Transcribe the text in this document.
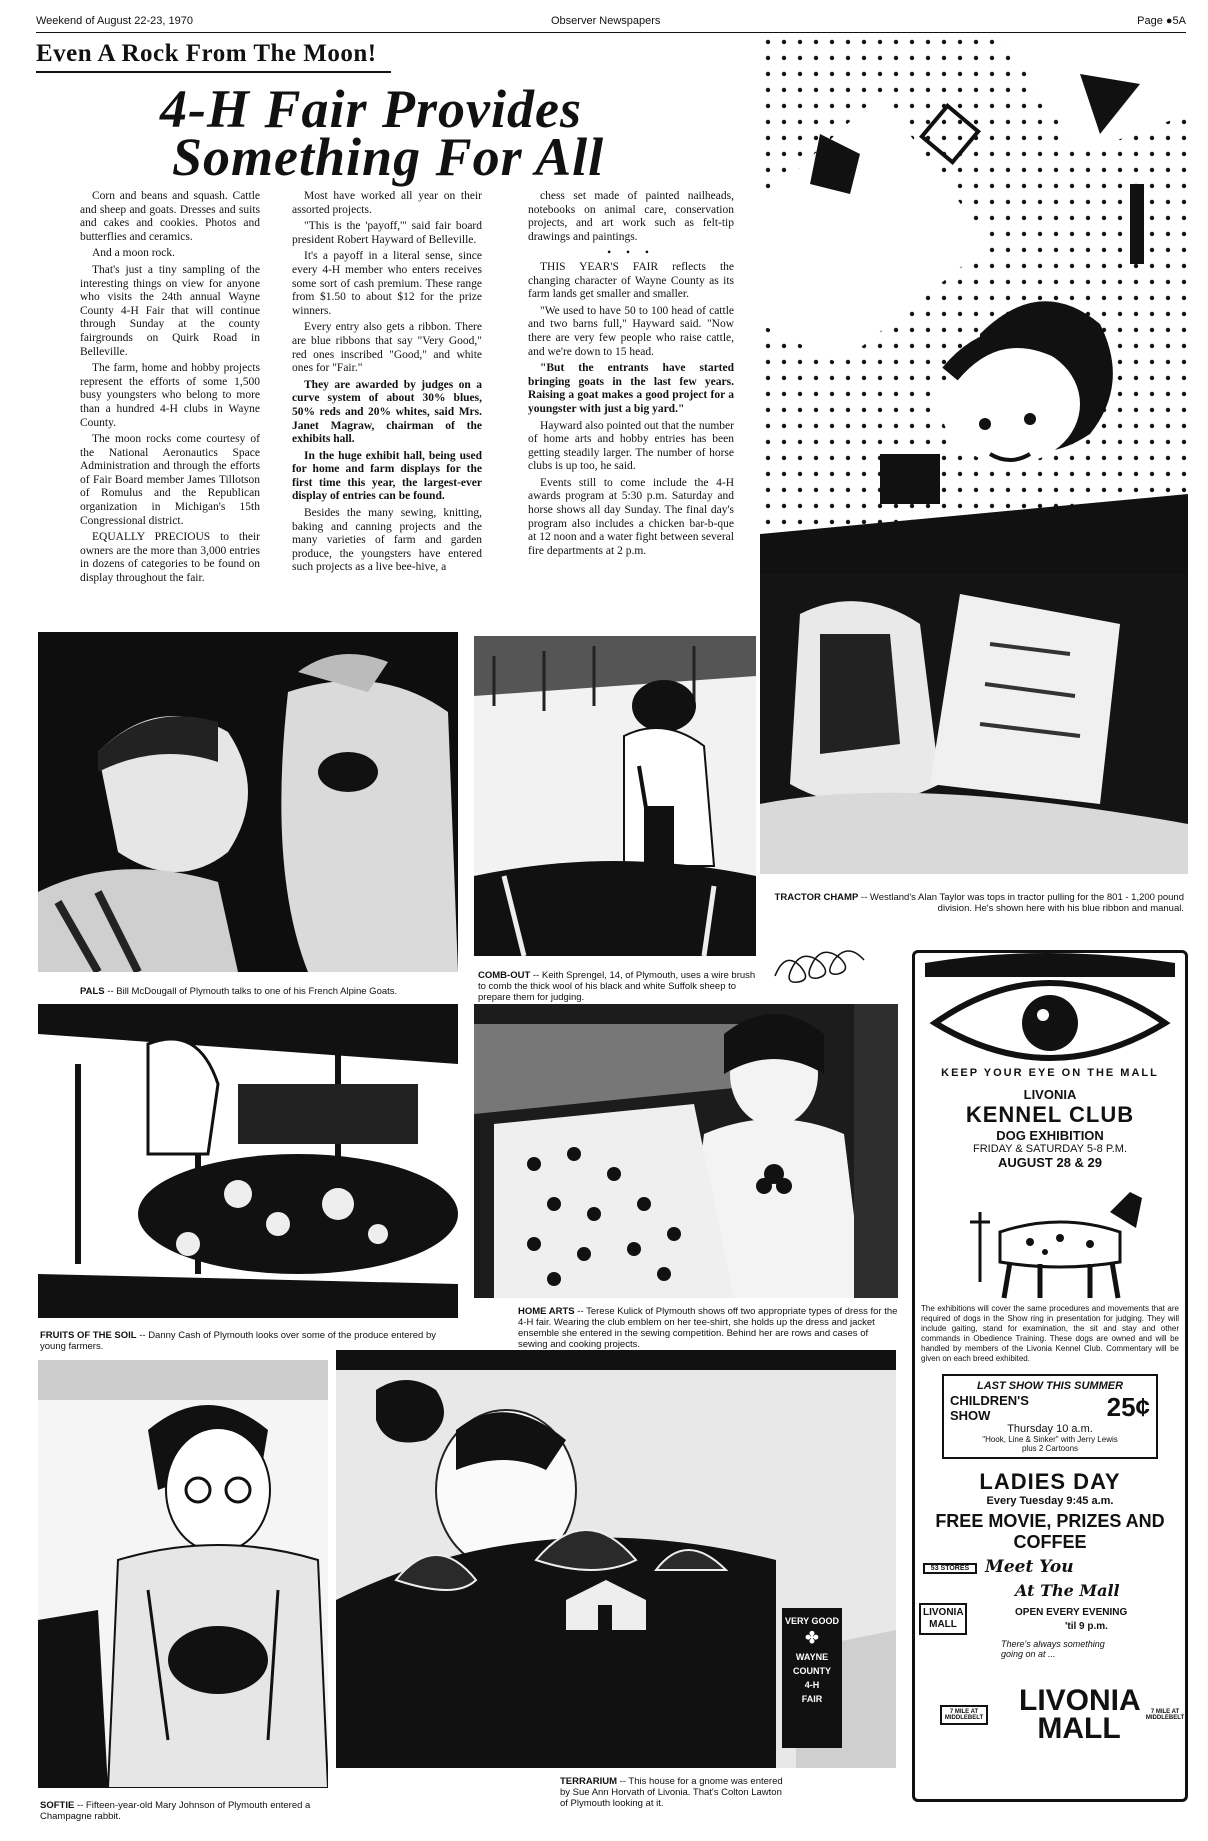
Weekend of August 22-23, 1970	Observer Newspapers	Page ●5A
Even A Rock From The Moon!
4-H Fair Provides
Something For All

Corn and beans and squash. Cattle and sheep and goats. Dresses and suits and cakes and cookies. Photos and butterflies and ceramics.

And a moon rock.

That's just a tiny sampling of the interesting things on view for anyone who visits the 24th annual Wayne County 4-H Fair that will continue through Sunday at the county fairgrounds on Quirk Road in Belleville.

The farm, home and hobby projects represent the efforts of some 1,500 busy youngsters who belong to more than a hundred 4-H clubs in Wayne County.

The moon rocks come courtesy of the National Aeronautics Space Administration and through the efforts of Fair Board member James Tillotson of Romulus and the Republican organization in Michigan's 15th Congressional district.

EQUALLY PRECIOUS to their owners are the more than 3,000 entries in dozens of categories to be found on display throughout the fair.

Most have worked all year on their assorted projects.

"This is the 'payoff,'" said fair board president Robert Hayward of Belleville.

It's a payoff in a literal sense, since every 4-H member who enters receives some sort of cash premium. These range from $1.50 to about $12 for the prize winners.

Every entry also gets a ribbon. There are blue ribbons that say "Very Good," red ones inscribed "Good," and white ones for "Fair."

They are awarded by judges on a curve system of about 30% blues, 50% reds and 20% whites, said Mrs. Janet Magraw, chairman of the exhibits hall.

In the huge exhibit hall, being used for home and farm displays for the first time this year, the largest-ever display of entries can be found.

Besides the many sewing, knitting, baking and canning projects and the many varieties of farm and garden produce, the youngsters have entered such projects as a live bee-hive, a

chess set made of painted nailheads, notebooks on animal care, conservation projects, and art work such as felt-tip drawings and paintings.

• • •

THIS YEAR'S FAIR reflects the changing character of Wayne County as its farm lands get smaller and smaller.

"We used to have 50 to 100 head of cattle and two barns full," Hayward said. "Now there are very few people who raise cattle, and we're down to 15 head.

"But the entrants have started bringing goats in the last few years. Raising a goat makes a good project for a youngster with just a big yard."

Hayward also pointed out that the number of home arts and hobby entries has been getting steadily larger. The number of horse clubs is up too, he said.

Events still to come include the 4-H awards program at 5:30 p.m. Saturday and horse shows all day Sunday. The final day's program also includes a chicken bar-b-que at 12 noon and a water fight between several fire departments at 2 p.m.

TRACTOR CHAMP -- Westland's Alan Taylor was tops in tractor pulling for the 801 - 1,200 pound division. He's shown here with his blue ribbon and manual.
PALS -- Bill McDougall of Plymouth talks to one of his French Alpine Goats.
COMB-OUT -- Keith Sprengel, 14, of Plymouth, uses a wire brush to comb the thick wool of his black and white Suffolk sheep to prepare them for judging.
FRUITS OF THE SOIL -- Danny Cash of Plymouth looks over some of the produce entered by young farmers.
HOME ARTS -- Terese Kulick of Plymouth shows off two appropriate types of dress for the 4-H fair. Wearing the club emblem on her tee-shirt, she holds up the dress and jacket ensemble she entered in the sewing competition. Behind her are rows and cases of sewing and cooking projects.
SOFTIE -- Fifteen-year-old Mary Johnson of Plymouth entered a Champagne rabbit.
VERY GOOD
✤
WAYNE
COUNTY
4-H
FAIR
TERRARIUM -- This house for a gnome was entered by Sue Ann Horvath of Livonia. That's Colton Lawton of Plymouth looking at it.
KEEP YOUR EYE ON THE MALL
LIVONIA
KENNEL CLUB
DOG EXHIBITION
FRIDAY & SATURDAY 5-8 P.M.
AUGUST 28 & 29
The exhibitions will cover the same procedures and movements that are required of dogs in the Show ring in presentation for judging. They will include gaiting, stand for examination, the sit and stay and other commands in Obedience Training. These dogs are owned and will be handled by members of the Livonia Kennel Club. Commentary will be given on each breed exhibited.
LAST SHOW THIS SUMMER
CHILDREN'S SHOW	25¢
Thursday 10 a.m.
"Hook, Line & Sinker" with Jerry Lewis
plus 2 Cartoons
LADIES DAY
Every Tuesday 9:45 a.m.
FREE MOVIE, PRIZES AND COFFEE
53 STORES Meet You
At The Mall
OPEN EVERY EVENING
'til 9 p.m.
LIVONIA MALL
There's always something going on at ...
7 MILE AT MIDDLEBELT
LIVONIA MALL	7 MILE AT MIDDLEBELT
